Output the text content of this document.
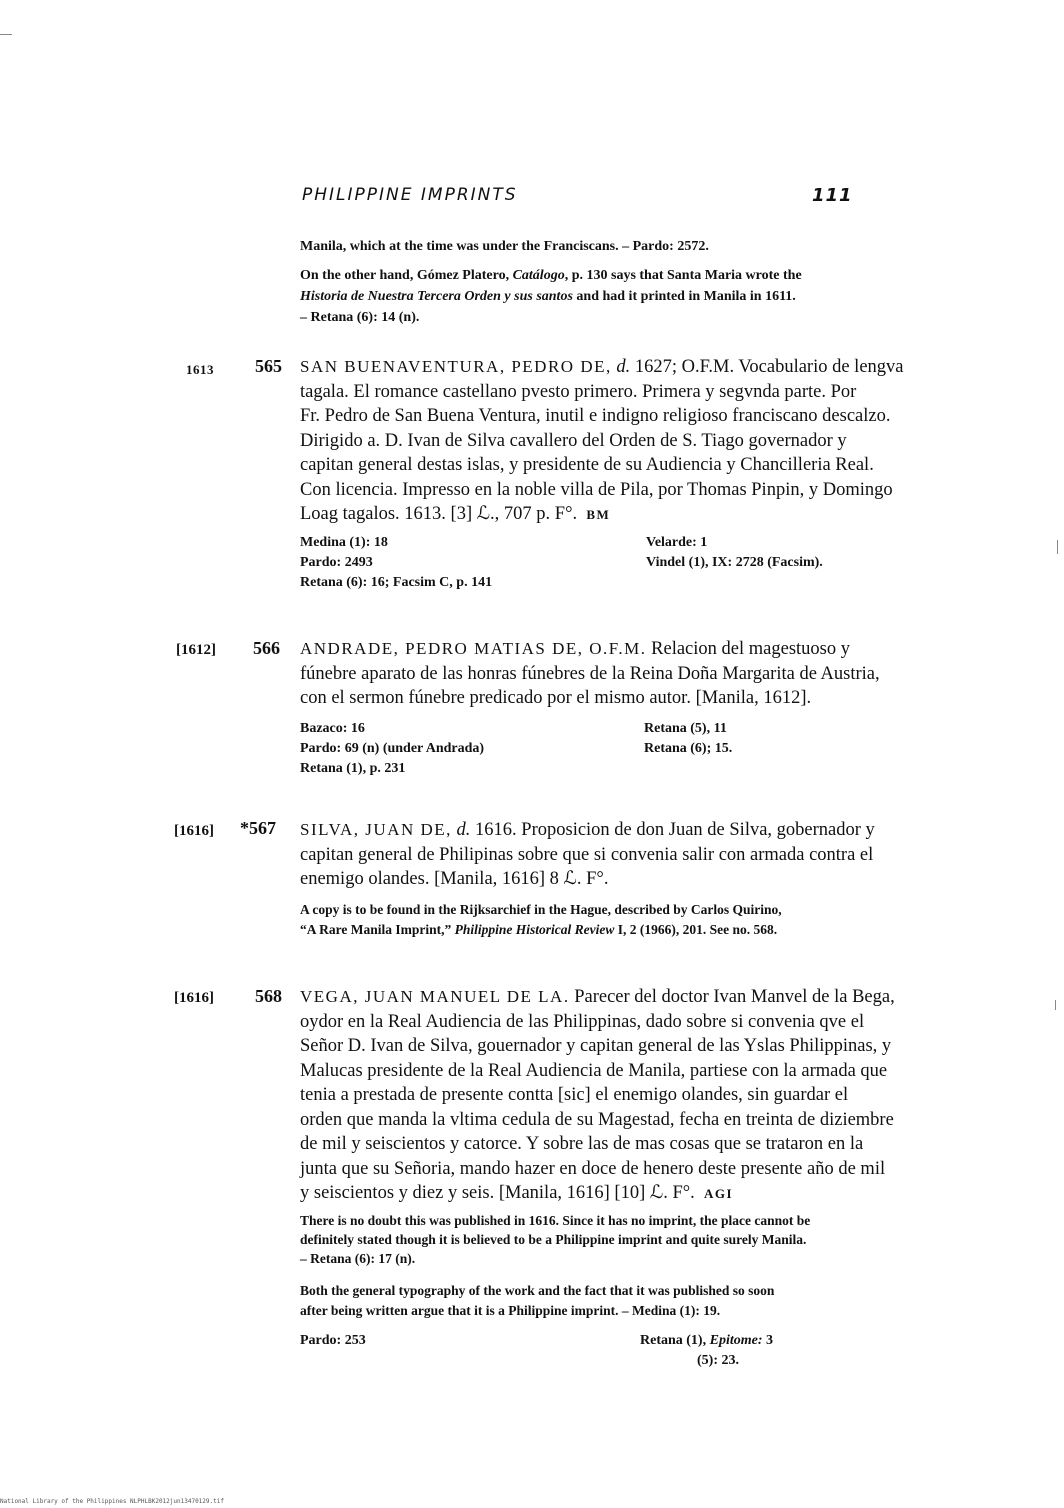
PHILIPPINE IMPRINTS	111
Manila, which at the time was under the Franciscans. – Pardo: 2572.
On the other hand, Gómez Platero, Catálogo, p. 130 says that Santa Maria wrote the
Historia de Nuestra Tercera Orden y sus santos and had it printed in Manila in 1611.
– Retana (6): 14 (n).
1613 565 SAN BUENAVENTURA, PEDRO DE, d. 1627; O.F.M. Vocabulario de lengva
tagala. El romance castellano pvesto primero. Primera y segvnda parte. Por
Fr. Pedro de San Buena Ventura, inutil e indigno religioso franciscano descalzo.
Dirigido a. D. Ivan de Silva cavallero del Orden de S. Tiago governador y
capitan general destas islas, y presidente de su Audiencia y Chancilleria Real.
Con licencia. Impresso en la noble villa de Pila, por Thomas Pinpin, y Domingo
Loag tagalos. 1613. [3] ℒ., 707 p. F°. BM
Medina (1): 18
Pardo: 2493
Retana (6): 16; Facsim C, p. 141
Velarde: 1
Vindel (1), IX: 2728 (Facsim).
[1612] 566 ANDRADE, PEDRO MATIAS DE, O.F.M. Relacion del magestuoso y
fúnebre aparato de las honras fúnebres de la Reina Doña Margarita de Austria,
con el sermon fúnebre predicado por el mismo autor. [Manila, 1612].
Bazaco: 16
Pardo: 69 (n) (under Andrada)
Retana (1), p. 231
Retana (5), 11
Retana (6); 15.
[1616] *567 SILVA, JUAN DE, d. 1616. Proposicion de don Juan de Silva, gobernador y
capitan general de Philipinas sobre que si convenia salir con armada contra el
enemigo olandes. [Manila, 1616] 8 ℒ. F°.
A copy is to be found in the Rijksarchief in the Hague, described by Carlos Quirino,
“A Rare Manila Imprint,” Philippine Historical Review I, 2 (1966), 201. See no. 568.
[1616] 568 VEGA, JUAN MANUEL DE LA. Parecer del doctor Ivan Manvel de la Bega,
oydor en la Real Audiencia de las Philippinas, dado sobre si convenia qve el
Señor D. Ivan de Silva, gouernador y capitan general de las Yslas Philippinas, y
Malucas presidente de la Real Audiencia de Manila, partiese con la armada que
tenia a prestada de presente contta [sic] el enemigo olandes, sin guardar el
orden que manda la vltima cedula de su Magestad, fecha en treinta de diziembre
de mil y seiscientos y catorce. Y sobre las de mas cosas que se trataron en la
junta que su Señoria, mando hazer en doce de henero deste presente año de mil
y seiscientos y diez y seis. [Manila, 1616] [10] ℒ. F°. AGI
There is no doubt this was published in 1616. Since it has no imprint, the place cannot be
definitely stated though it is believed to be a Philippine imprint and quite surely Manila.
– Retana (6): 17 (n).
Both the general typography of the work and the fact that it was published so soon
after being written argue that it is a Philippine imprint. – Medina (1): 19.
Pardo: 253	Retana (1), Epitome: 3
(5): 23.
National Library of the Philippines NLPHLBK2012jun13470129.tif
